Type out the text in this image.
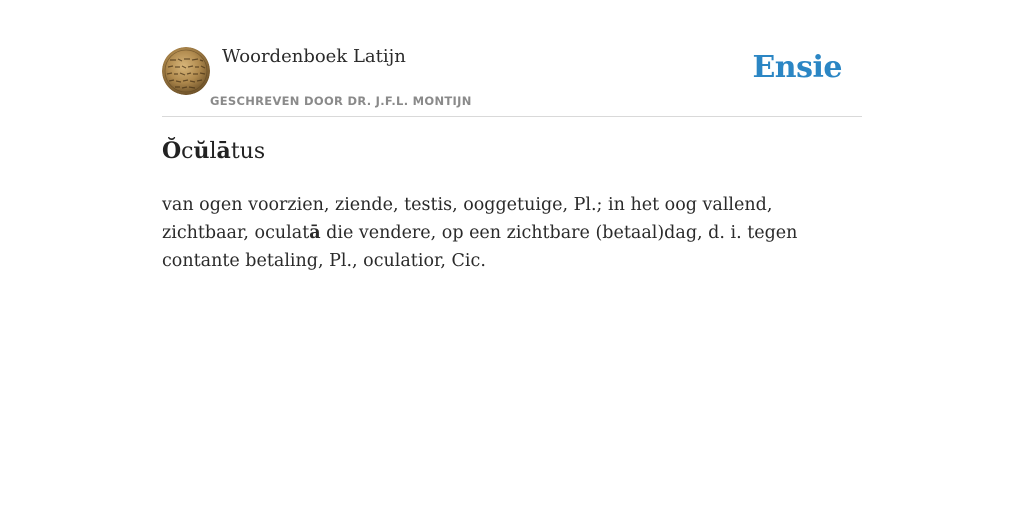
Woordenboek Latijn
GESCHREVEN DOOR DR. J.F.L. MONTIJN
Ensie
Ŏcŭlātus

van ogen voorzien, ziende, testis, ooggetuige, Pl.; in het oog vallend, zichtbaar, oculatā die vendere, op een zichtbare (betaal)dag, d. i. tegen contante betaling, Pl., oculatior, Cic.
